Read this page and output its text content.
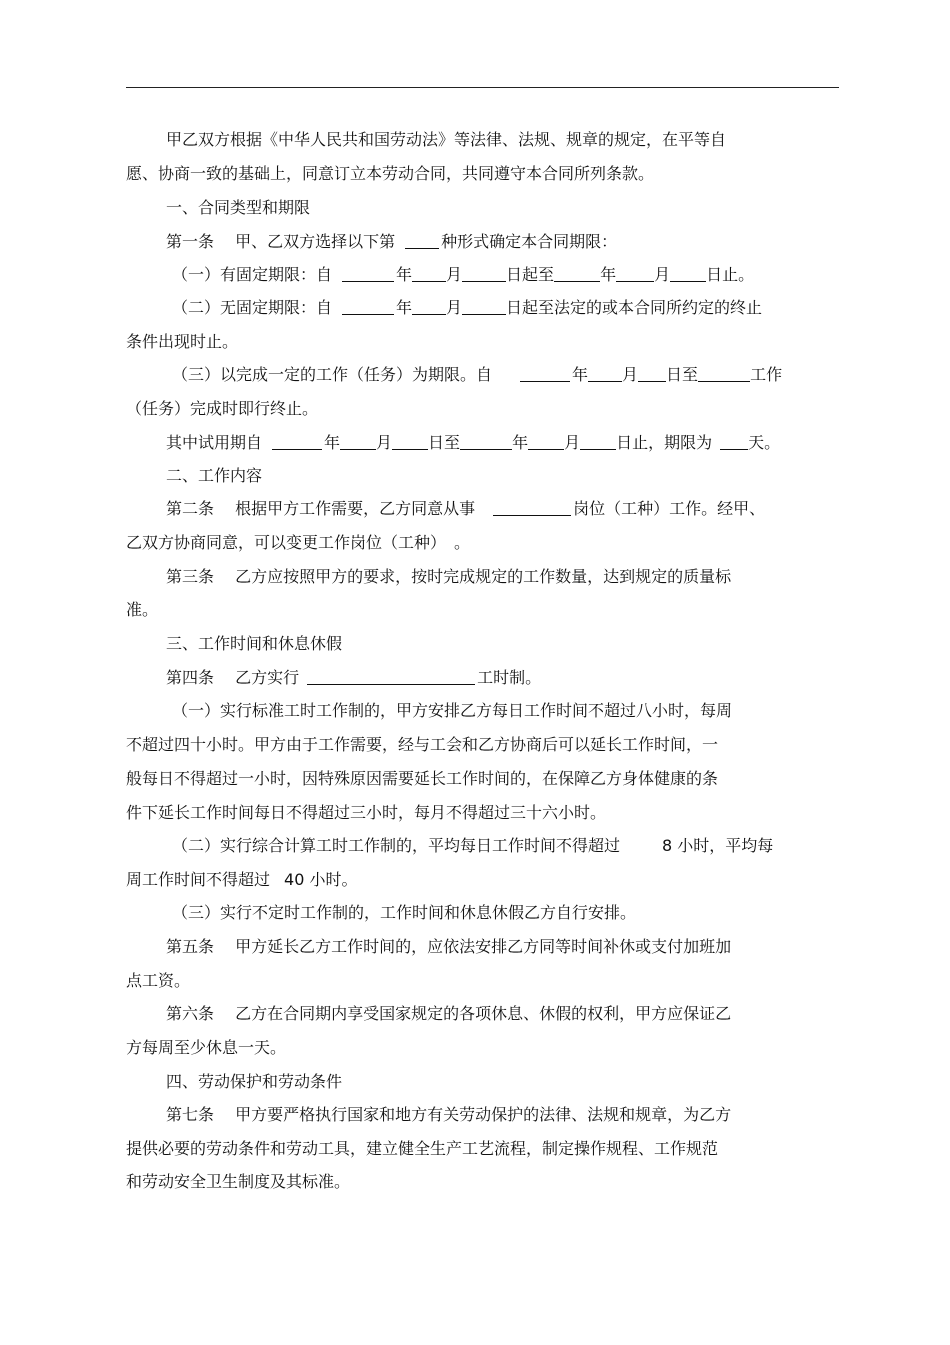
甲乙双方根据《中华人民共和国劳动法》等法律、法规、规章的规定，在平等自
愿、协商一致的基础上，同意订立本劳动合同，共同遵守本合同所列条款。
一、合同类型和期限
第一条　 甲、乙双方选择以下第	种形式确定本合同期限：
（一）有固定期限：自	年 月	日起至	年 月 日止。
（二）无固定期限：自	年 月	日起至法定的或本合同所约定的终止
条件出现时止。
（三）以完成一定的工作（任务）为期限。自	年 月 日至	工作
（任务）完成时即行终止。
其中试用期自	年 月 日至	年 月 日止，期限为 天。
二、工作内容
第二条　 根据甲方工作需要，乙方同意从事	岗位（工种）工作。经甲、
乙双方协商同意，可以变更工作岗位（工种）　。
第三条　 乙方应按照甲方的要求，按时完成规定的工作数量，达到规定的质量标
准。
三、工作时间和休息休假
第四条　 乙方实行	工时制。
（一）实行标准工时工作制的，甲方安排乙方每日工作时间不超过八小时，每周
不超过四十小时。甲方由于工作需要，经与工会和乙方协商后可以延长工作时间，一
般每日不得超过一小时，因特殊原因需要延长工作时间的，在保障乙方身体健康的条
件下延长工作时间每日不得超过三小时，每月不得超过三十六小时。
（二）实行综合计算工时工作制的，平均每日工作时间不得超过	8 小时，平均每
周工作时间不得超过 40 小时。
（三）实行不定时工作制的，工作时间和休息休假乙方自行安排。
第五条　 甲方延长乙方工作时间的，应依法安排乙方同等时间补休或支付加班加
点工资。
第六条　 乙方在合同期内享受国家规定的各项休息、休假的权利，甲方应保证乙
方每周至少休息一天。
四、劳动保护和劳动条件
第七条　 甲方要严格执行国家和地方有关劳动保护的法律、法规和规章，为乙方
提供必要的劳动条件和劳动工具，建立健全生产工艺流程，制定操作规程、工作规范
和劳动安全卫生制度及其标准。
